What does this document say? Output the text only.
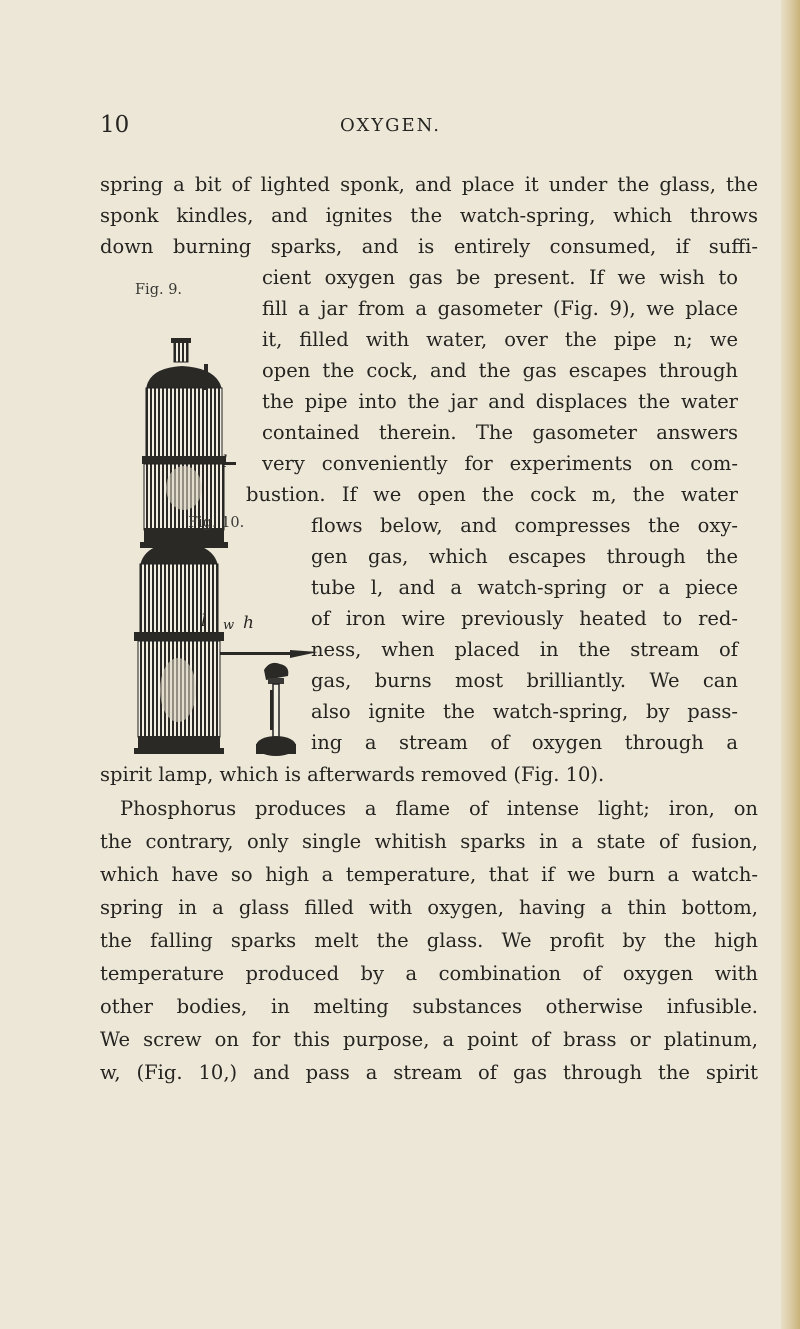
10	OXYGEN.
spring a bit of lighted sponk, and place it under the glass, the
sponk kindles, and ignites the watch-spring, which throws
down burning sparks, and is entirely consumed, if suffi-
cient oxygen gas be present. If we wish to
fill a jar from a gasometer (Fig. 9), we place
it, filled with water, over the pipe n; we
open the cock, and the gas escapes through
the pipe into the jar and displaces the water
contained therein. The gasometer answers
very conveniently for experiments on com-
bustion. If we open the cock m, the water
flows below, and compresses the oxy-
gen gas, which escapes through the
tube l, and a watch-spring or a piece
of iron wire previously heated to red-
ness, when placed in the stream of
gas, burns most brilliantly. We can
also ignite the watch-spring, by pass-
ing a stream of oxygen through a
spirit lamp, which is afterwards removed (Fig. 10).
Phosphorus produces a flame of intense light; iron, on
the contrary, only single whitish sparks in a state of fusion,
which have so high a temperature, that if we burn a watch-
spring in a glass filled with oxygen, having a thin bottom,
the falling sparks melt the glass. We profit by the high
temperature produced by a combination of oxygen with
other bodies, in melting substances otherwise infusible.
We screw on for this purpose, a point of brass or platinum,
w, (Fig. 10,) and pass a stream of gas through the spirit
Fig. 9.
l
Fig. 10.
l w h
